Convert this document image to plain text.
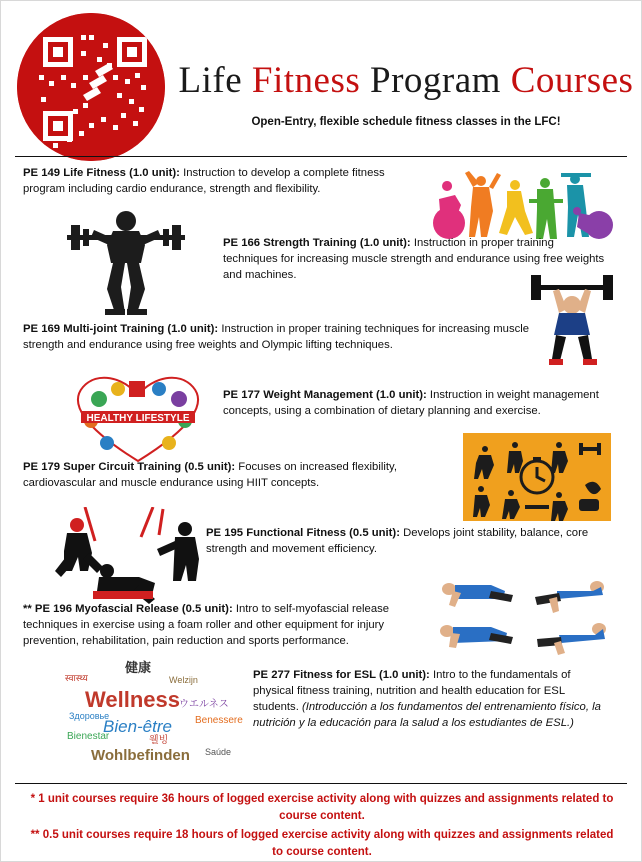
Life Fitness Program Courses
Open-Entry, flexible schedule fitness classes in the LFC!
HEALTHY LIFESTYLE
健康
स्वास्थ्य	Welzijn
Wellness ウエルネス
Здоровье
Bien-être Benessere
Bienestar	웰빙
Wohlbefinden Saúde
PE 149 Life Fitness (1.0 unit): Instruction to develop a complete fitness program including cardio endurance, strength and flexibility.
PE 166 Strength Training (1.0 unit): Instruction in proper training techniques for increasing muscle strength and endurance using free weights and machines.
PE 169 Multi-joint Training (1.0 unit): Instruction in proper training techniques for increasing muscle strength and endurance using free weights and Olympic lifting techniques.
PE 177 Weight Management (1.0 unit): Instruction in weight management concepts, using a combination of dietary planning and exercise.
PE 179 Super Circuit Training (0.5 unit): Focuses on increased flexibility, cardiovascular and muscle endurance using HIIT concepts.
PE 195 Functional Fitness (0.5 unit): Develops joint stability, balance, core strength and movement efficiency.
** PE 196 Myofascial Release (0.5 unit): Intro to self-myofascial release techniques in exercise using a foam roller and other equipment for injury prevention, rehabilitation, pain reduction and sports performance.
PE 277 Fitness for ESL (1.0 unit): Intro to the fundamentals of physical fitness training, nutrition and health education for ESL students. (Introducción a los fundamentos del entrenamiento físico, la nutrición y la educación para la salud a los estudiantes de ESL.)
* 1 unit courses require 36 hours of logged exercise activity along with quizzes and assignments related to course content.
** 0.5 unit courses require 18 hours of logged exercise activity along with quizzes and assignments related to course content.
